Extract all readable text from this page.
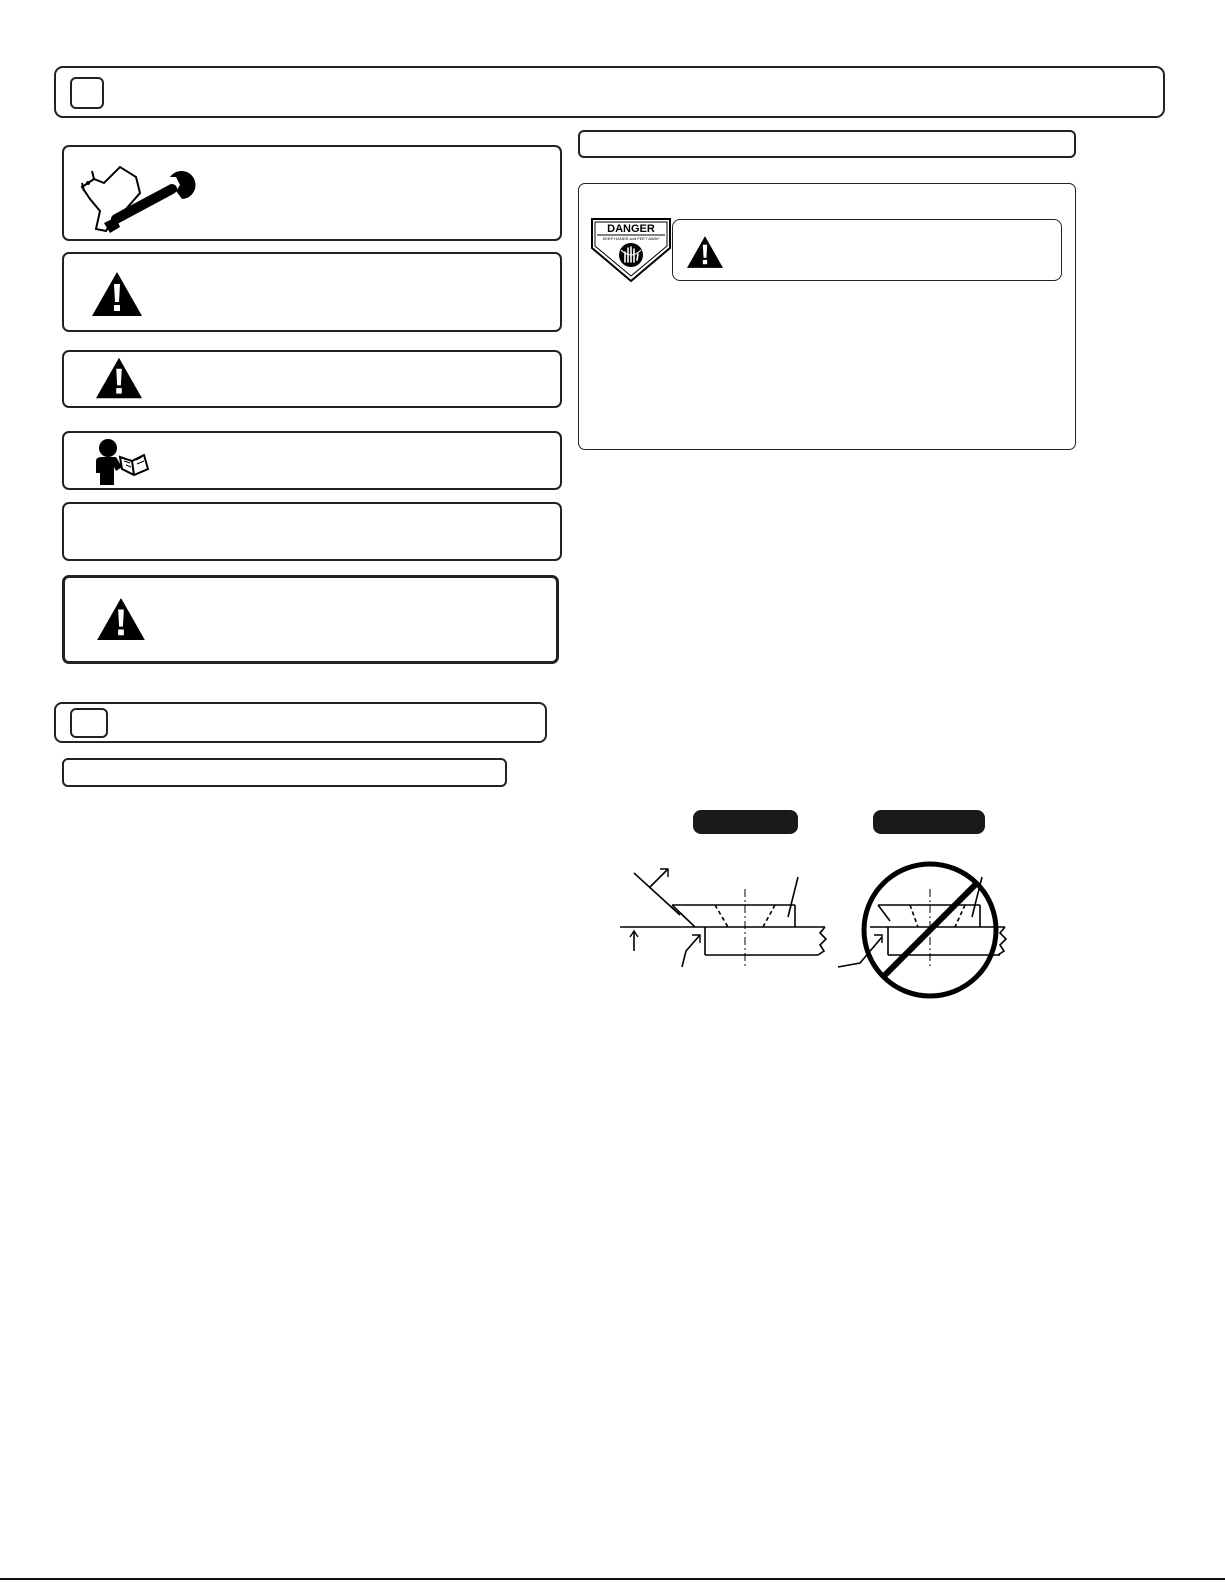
DANGER
KEEP HANDS and FEET AWAY
